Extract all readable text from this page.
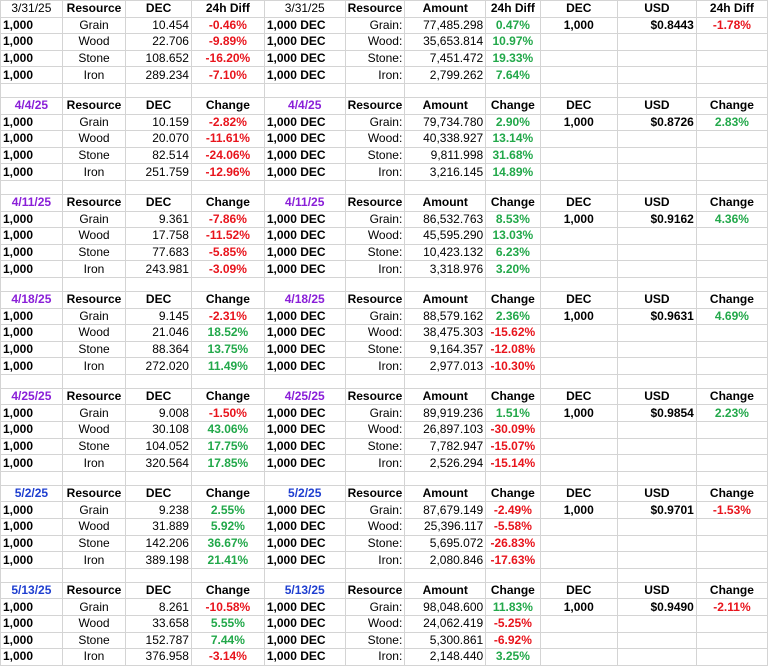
3/31/25	Resource	DEC	24h Diff	3/31/25	Resource	Amount	24h Diff	DEC	USD	24h Diff
1,000	Grain	10.454	-0.46%	1,000 DEC	Grain:	77,485.298	0.47%	1,000	$0.8443	-1.78%
1,000	Wood	22.706	-9.89%	1,000 DEC	Wood:	35,653.814	10.97%			
1,000	Stone	108.652	-16.20%	1,000 DEC	Stone:	7,451.472	19.33%			
1,000	Iron	289.234	-7.10%	1,000 DEC	Iron:	2,799.262	7.64%			

4/4/25	Resource	DEC	Change	4/4/25	Resource	Amount	Change	DEC	USD	Change
1,000	Grain	10.159	-2.82%	1,000 DEC	Grain:	79,734.780	2.90%	1,000	$0.8726	2.83%
1,000	Wood	20.070	-11.61%	1,000 DEC	Wood:	40,338.927	13.14%			
1,000	Stone	82.514	-24.06%	1,000 DEC	Stone:	9,811.998	31.68%			
1,000	Iron	251.759	-12.96%	1,000 DEC	Iron:	3,216.145	14.89%			

4/11/25	Resource	DEC	Change	4/11/25	Resource	Amount	Change	DEC	USD	Change
1,000	Grain	9.361	-7.86%	1,000 DEC	Grain:	86,532.763	8.53%	1,000	$0.9162	4.36%
1,000	Wood	17.758	-11.52%	1,000 DEC	Wood:	45,595.290	13.03%			
1,000	Stone	77.683	-5.85%	1,000 DEC	Stone:	10,423.132	6.23%			
1,000	Iron	243.981	-3.09%	1,000 DEC	Iron:	3,318.976	3.20%			

4/18/25	Resource	DEC	Change	4/18/25	Resource	Amount	Change	DEC	USD	Change
1,000	Grain	9.145	-2.31%	1,000 DEC	Grain:	88,579.162	2.36%	1,000	$0.9631	4.69%
1,000	Wood	21.046	18.52%	1,000 DEC	Wood:	38,475.303	-15.62%			
1,000	Stone	88.364	13.75%	1,000 DEC	Stone:	9,164.357	-12.08%			
1,000	Iron	272.020	11.49%	1,000 DEC	Iron:	2,977.013	-10.30%			

4/25/25	Resource	DEC	Change	4/25/25	Resource	Amount	Change	DEC	USD	Change
1,000	Grain	9.008	-1.50%	1,000 DEC	Grain:	89,919.236	1.51%	1,000	$0.9854	2.23%
1,000	Wood	30.108	43.06%	1,000 DEC	Wood:	26,897.103	-30.09%			
1,000	Stone	104.052	17.75%	1,000 DEC	Stone:	7,782.947	-15.07%			
1,000	Iron	320.564	17.85%	1,000 DEC	Iron:	2,526.294	-15.14%			

5/2/25	Resource	DEC	Change	5/2/25	Resource	Amount	Change	DEC	USD	Change
1,000	Grain	9.238	2.55%	1,000 DEC	Grain:	87,679.149	-2.49%	1,000	$0.9701	-1.53%
1,000	Wood	31.889	5.92%	1,000 DEC	Wood:	25,396.117	-5.58%			
1,000	Stone	142.206	36.67%	1,000 DEC	Stone:	5,695.072	-26.83%			
1,000	Iron	389.198	21.41%	1,000 DEC	Iron:	2,080.846	-17.63%			

5/13/25	Resource	DEC	Change	5/13/25	Resource	Amount	Change	DEC	USD	Change
1,000	Grain	8.261	-10.58%	1,000 DEC	Grain:	98,048.600	11.83%	1,000	$0.9490	-2.11%
1,000	Wood	33.658	5.55%	1,000 DEC	Wood:	24,062.419	-5.25%			
1,000	Stone	152.787	7.44%	1,000 DEC	Stone:	5,300.861	-6.92%			
1,000	Iron	376.958	-3.14%	1,000 DEC	Iron:	2,148.440	3.25%			
